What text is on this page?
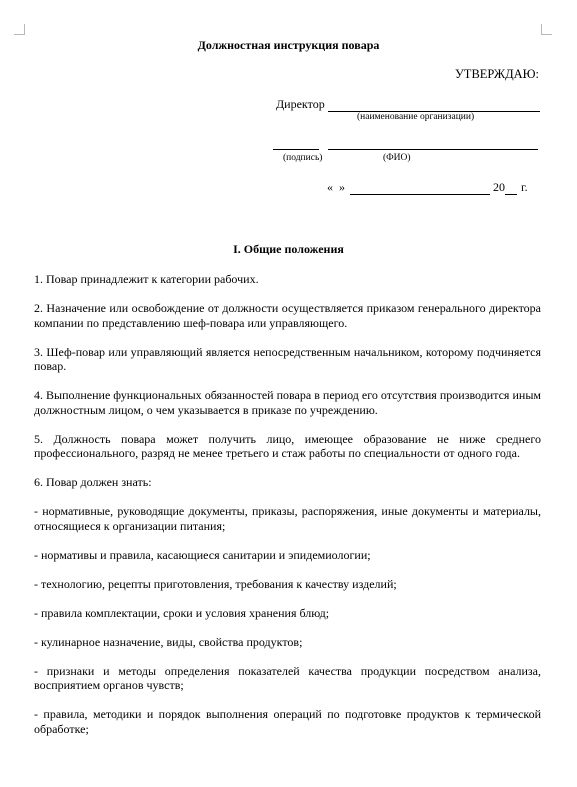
Должностная инструкция повара
УТВЕРЖДАЮ:
Директор
(наименование организации)
(подпись)	(ФИО)
«  »	20 г.
I. Общие положения

1. Повар принадлежит к категории рабочих.

2. Назначение или освобождение от должности осуществляется приказом генерального директора компании по представлению шеф-повара или управляющего.

3. Шеф-повар или управляющий является непосредственным начальником, которому подчиняется повар.

4. Выполнение функциональных обязанностей повара в период его отсутствия производится иным должностным лицом, о чем указывается в приказе по учреждению.

5. Должность повара может получить лицо, имеющее образование не ниже среднего профессионального, разряд не менее третьего и стаж работы по специальности от одного года.

6. Повар должен знать:

- нормативные, руководящие документы, приказы, распоряжения, иные документы и материалы, относящиеся к организации питания;

- нормативы и правила, касающиеся санитарии и эпидемиологии;

- технологию, рецепты приготовления, требования к качеству изделий;

- правила комплектации, сроки и условия хранения блюд;

- кулинарное назначение, виды, свойства продуктов;

- признаки и методы определения показателей качества продукции посредством анализа, восприятием органов чувств;

- правила, методики и порядок выполнения операций по подготовке продуктов к термической обработке;
